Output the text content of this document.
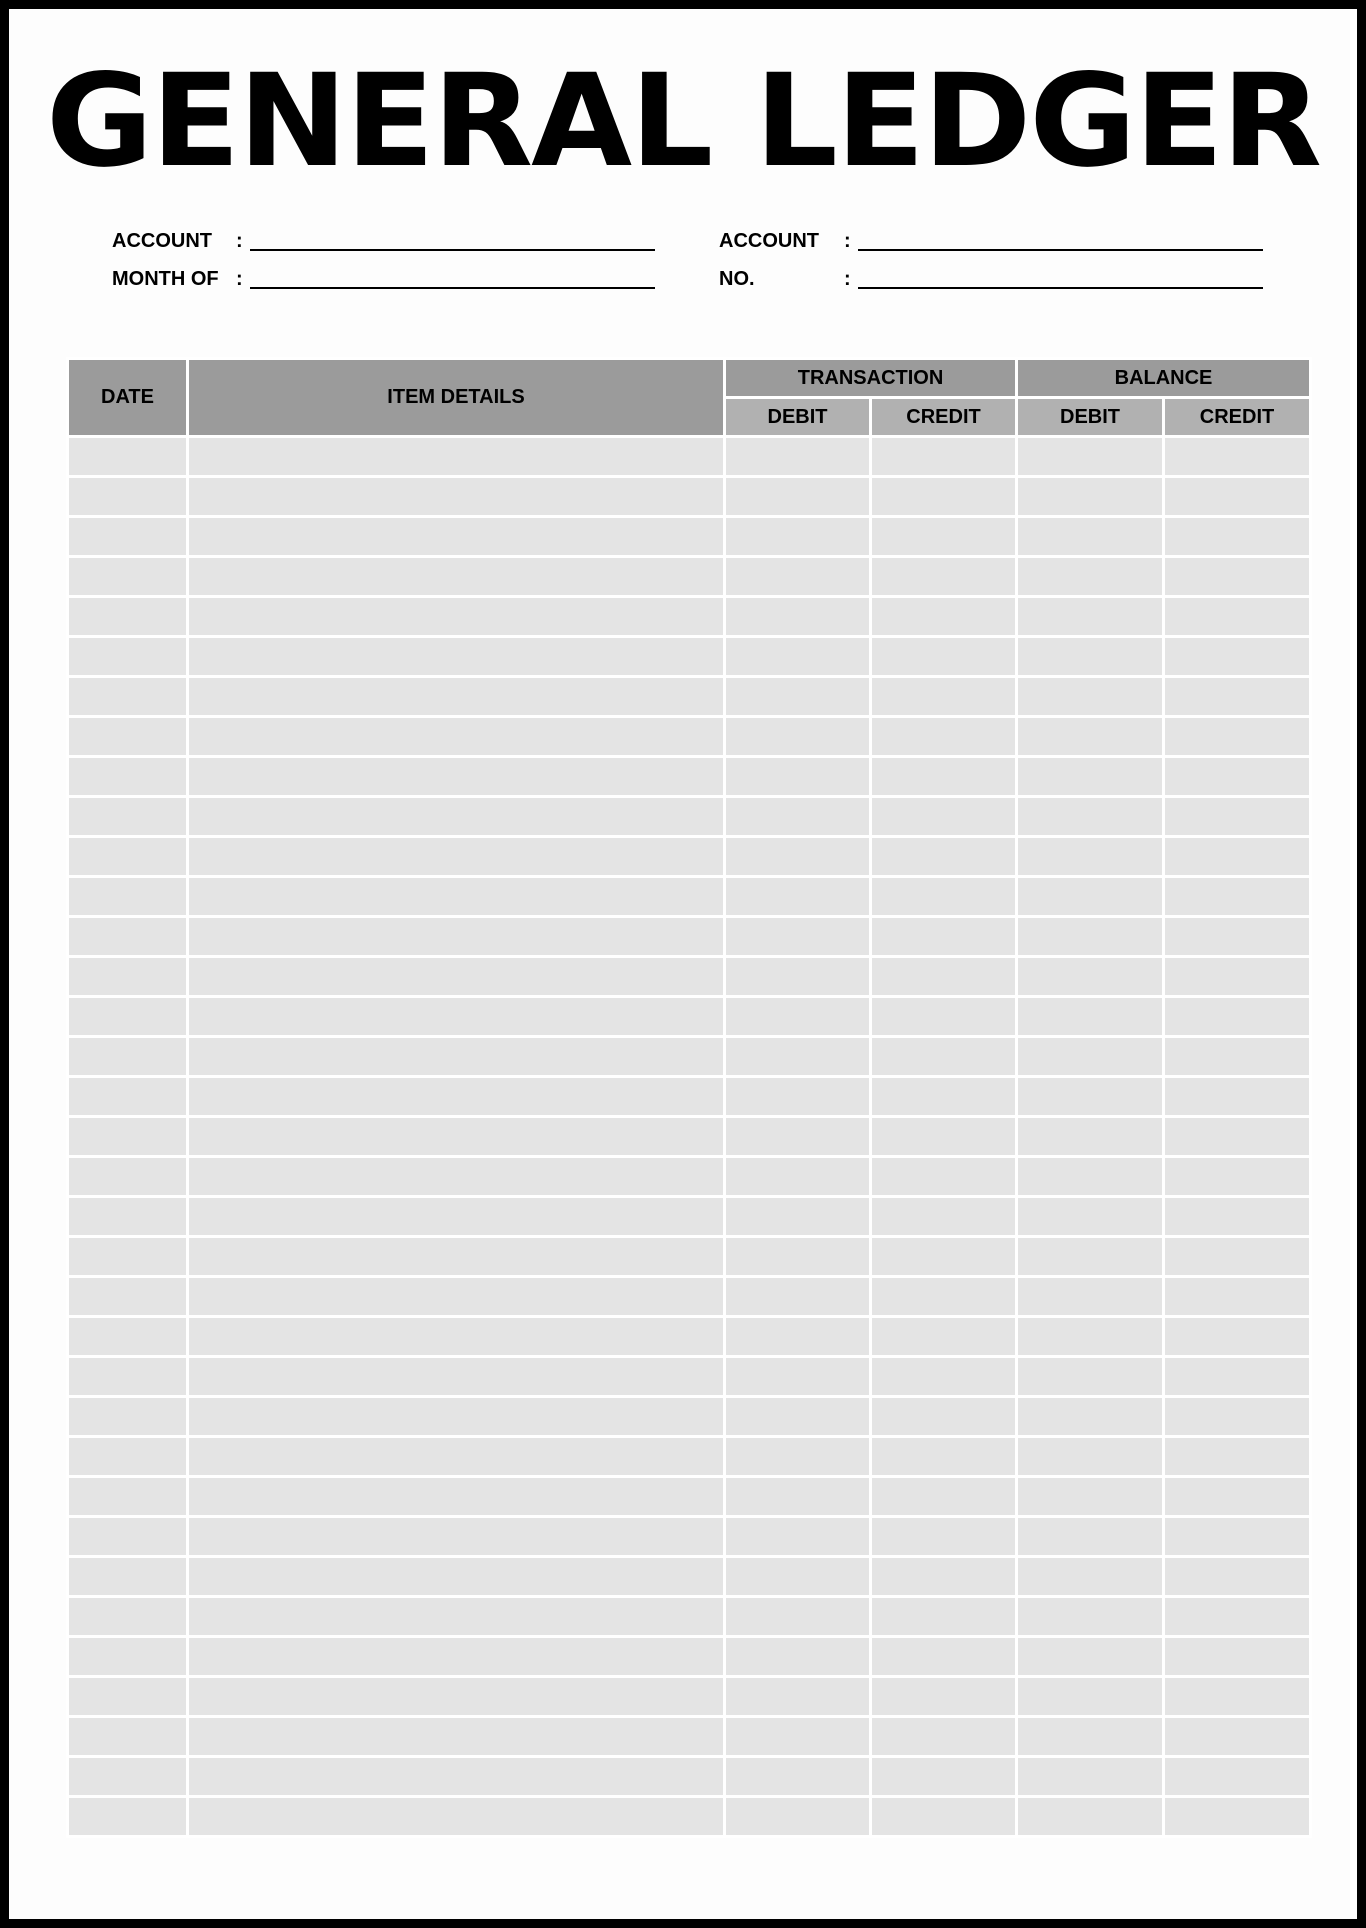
GENERAL LEDGER
ACCOUNT :
MONTH OF :
ACCOUNT :
NO.	:
DATE	ITEM DETAILS	TRANSACTION		BALANCE	
		DEBIT	CREDIT	DEBIT	CREDIT
